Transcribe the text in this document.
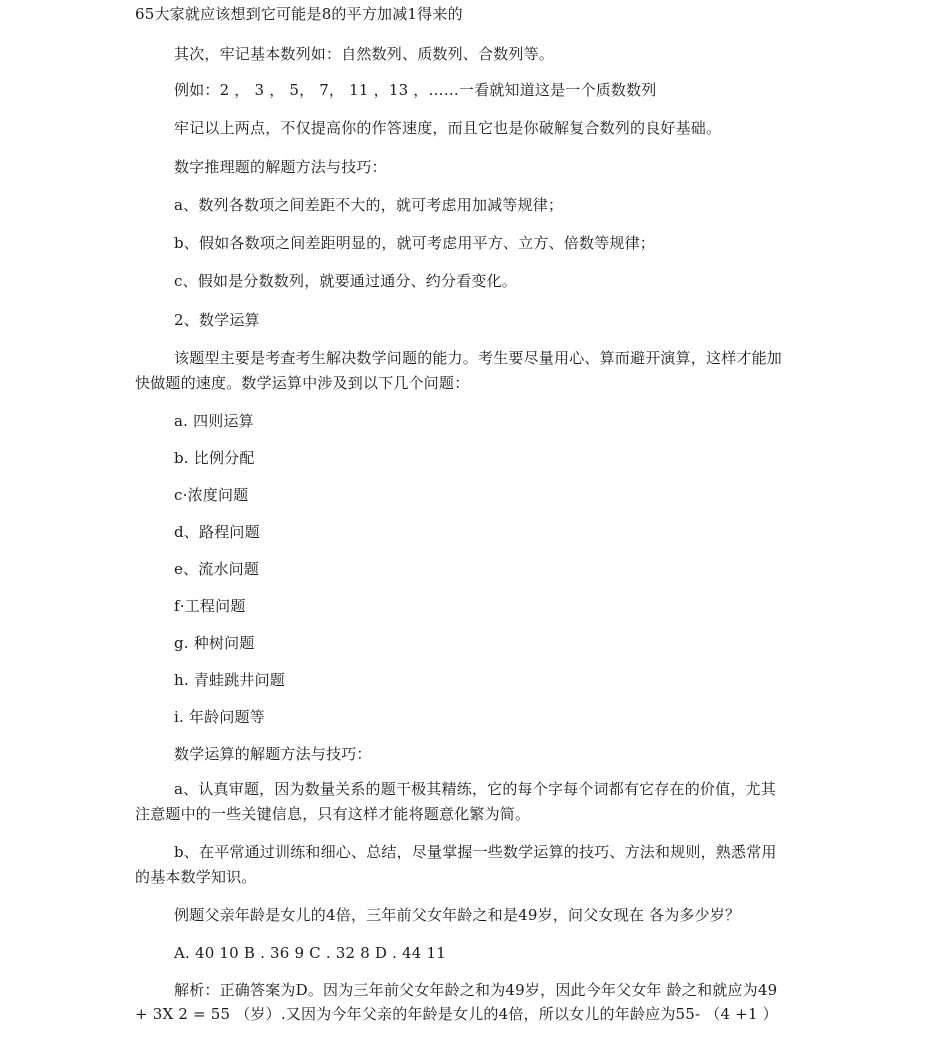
65大家就应该想到它可能是8的平方加减1得来的
其次，牢记基本数列如：自然数列、质数列、合数列等。
例如：2 ， 3 ， 5， 7， 11 ，13 ，……一看就知道这是一个质数数列
牢记以上两点，不仅提高你的作答速度，而且它也是你破解复合数列的良好基础。
数字推理题的解题方法与技巧：
a、数列各数项之间差距不大的，就可考虑用加减等规律；
b、假如各数项之间差距明显的，就可考虑用平方、立方、倍数等规律；
c、假如是分数数列，就要通过通分、约分看变化。
2、数学运算
该题型主要是考查考生解决数学问题的能力。考生要尽量用心、算而避开演算，这样才能加
快做题的速度。数学运算中涉及到以下几个问题：
a. 四则运算
b. 比例分配
c·浓度问题
d、路程问题
e、流水问题
f·工程问题
g. 种树问题
h. 青蛙跳井问题
i. 年龄问题等
数学运算的解题方法与技巧：
a、认真审题，因为数量关系的题干极其精练，它的每个字每个词都有它存在的价值，尤其
注意题中的一些关键信息，只有这样才能将题意化繁为简。
b、在平常通过训练和细心、总结，尽量掌握一些数学运算的技巧、方法和规则，熟悉常用
的基本数学知识。
例题父亲年龄是女儿的4倍，三年前父女年龄之和是49岁，问父女现在 各为多少岁？
A. 40 10 B . 36 9 C . 32 8 D . 44 11
解析：正确答案为D。因为三年前父女年龄之和为49岁，因此今年父女年 龄之和就应为49
+ 3X 2 = 55 （岁）.又因为今年父亲的年龄是女儿的4倍，所以女儿的年龄应为55- （4 +1 ）
